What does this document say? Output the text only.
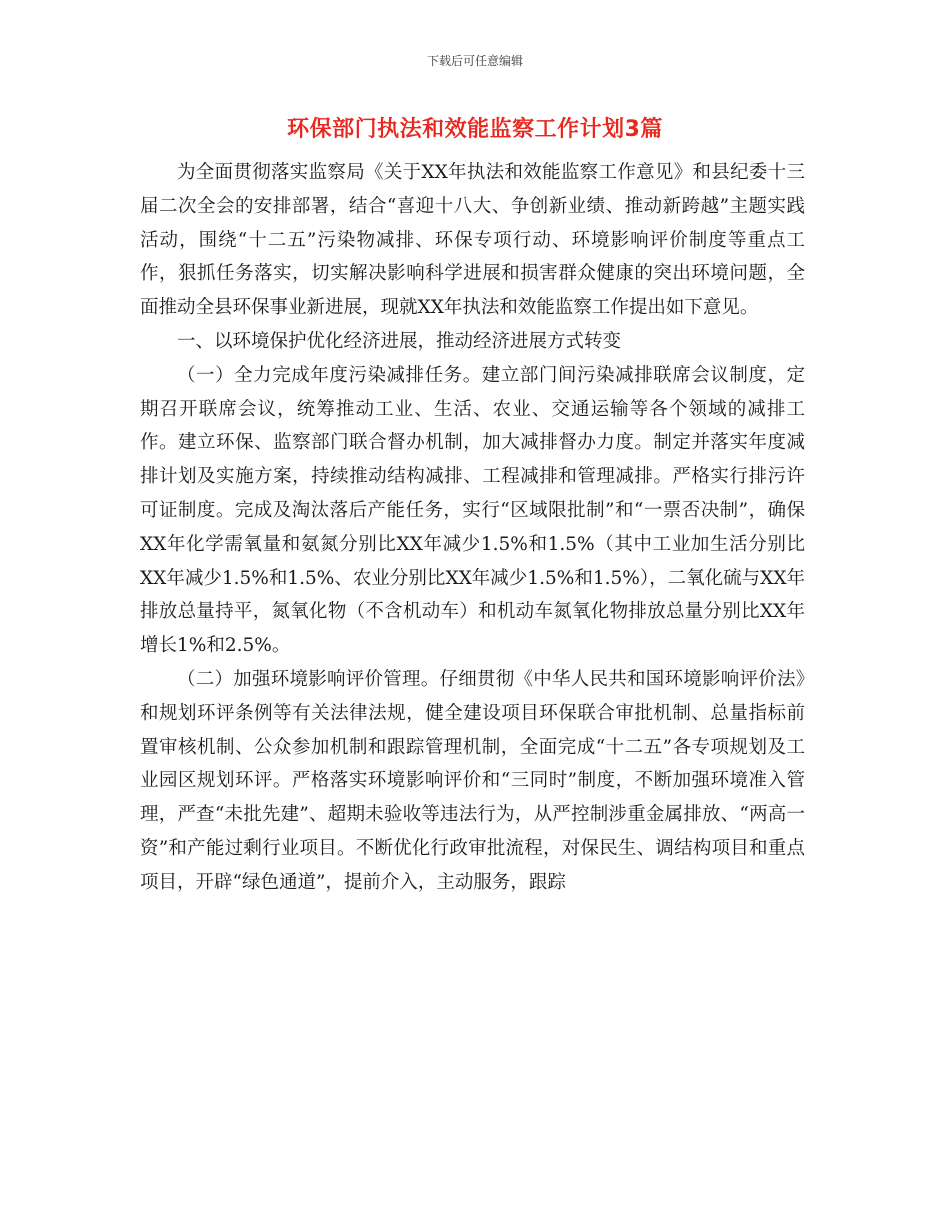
下载后可任意编辑
环保部门执法和效能监察工作计划3篇

为全面贯彻落实监察局《关于XX年执法和效能监察工作意见》和县纪委十三届二次全会的安排部署，结合“喜迎十八大、争创新业绩、推动新跨越”主题实践活动，围绕“十二五”污染物减排、环保专项行动、环境影响评价制度等重点工作，狠抓任务落实，切实解决影响科学进展和损害群众健康的突出环境问题，全面推动全县环保事业新进展，现就XX年执法和效能监察工作提出如下意见。

一、以环境保护优化经济进展，推动经济进展方式转变

（一）全力完成年度污染减排任务。建立部门间污染减排联席会议制度，定期召开联席会议，统筹推动工业、生活、农业、交通运输等各个领域的减排工作。建立环保、监察部门联合督办机制，加大减排督办力度。制定并落实年度减排计划及实施方案，持续推动结构减排、工程减排和管理减排。严格实行排污许可证制度。完成及淘汰落后产能任务，实行“区域限批制”和“一票否决制”，确保XX年化学需氧量和氨氮分别比XX年减少1.5%和1.5%（其中工业加生活分别比XX年减少1.5%和1.5%、农业分别比XX年减少1.5%和1.5%），二氧化硫与XX年排放总量持平，氮氧化物（不含机动车）和机动车氮氧化物排放总量分别比XX年增长1%和2.5%。

（二）加强环境影响评价管理。仔细贯彻《中华人民共和国环境影响评价法》和规划环评条例等有关法律法规，健全建设项目环保联合审批机制、总量指标前置审核机制、公众参加机制和跟踪管理机制，全面完成“十二五”各专项规划及工业园区规划环评。严格落实环境影响评价和“三同时”制度，不断加强环境准入管理，严查“未批先建”、超期未验收等违法行为，从严控制涉重金属排放、“两高一资”和产能过剩行业项目。不断优化行政审批流程，对保民生、调结构项目和重点项目，开辟“绿色通道”，提前介入，主动服务，跟踪
